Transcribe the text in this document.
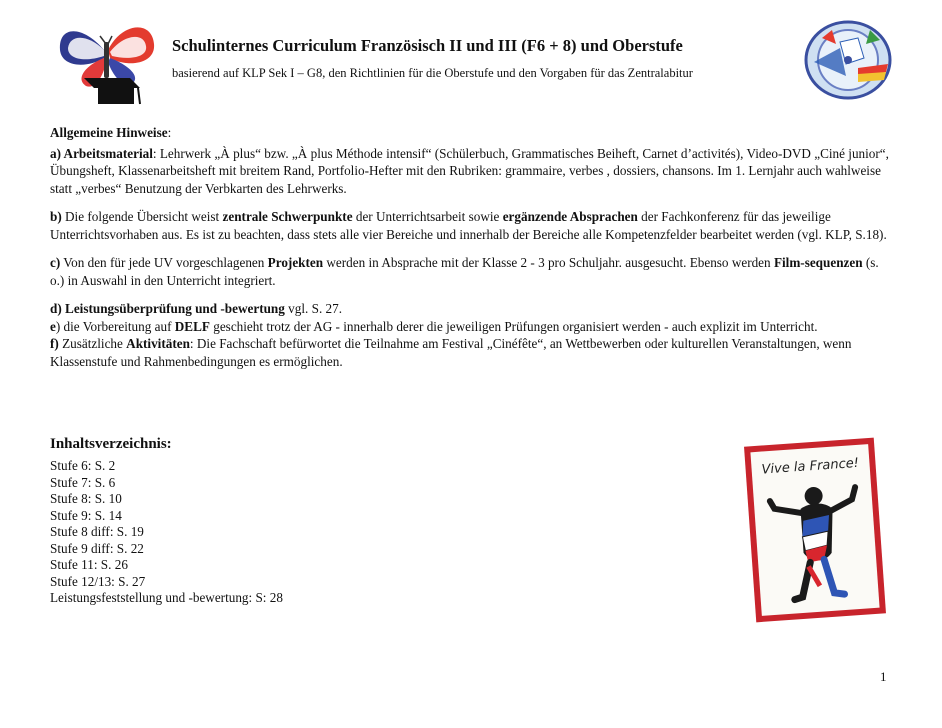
Schulinternes Curriculum Französisch II und III (F6 + 8) und Oberstufe
basierend auf KLP Sek I – G8, den Richtlinien für die Oberstufe und den Vorgaben für das Zentralabitur

Allgemeine Hinweise:

a) Arbeitsmaterial: Lehrwerk „À plus“ bzw. „À plus Méthode intensif“ (Schülerbuch, Grammatisches Beiheft, Carnet d’activités), Video-DVD „Ciné junior“, Übungsheft, Klassenarbeitsheft mit breitem Rand, Portfolio-Hefter mit den Rubriken: grammaire, verbes , dossiers, chansons. Im 1. Lernjahr auch wahlweise statt „verbes“ Benutzung der Verbkarten des Lehrwerks.

b) Die folgende Übersicht weist zentrale Schwerpunkte der Unterrichtsarbeit sowie ergänzende Absprachen der Fachkonferenz für das jeweilige Unterrichtsvorhaben aus. Es ist zu beachten, dass stets alle vier Bereiche und innerhalb der Bereiche alle Kompetenzfelder bearbeitet werden (vgl. KLP, S.18).

c) Von den für jede UV vorgeschlagenen Projekten werden in Absprache mit der Klasse 2 - 3 pro Schuljahr. ausgesucht. Ebenso werden Film-sequenzen (s. o.) in Auswahl in den Unterricht integriert.

d) Leistungsüberprüfung und -bewertung vgl. S. 27.

e) die Vorbereitung auf DELF geschieht trotz der AG - innerhalb derer die jeweiligen Prüfungen organisiert werden - auch explizit im Unterricht.

f) Zusätzliche Aktivitäten: Die Fachschaft befürwortet die Teilnahme am Festival „Cinéfête“, an Wettbewerben oder kulturellen Veranstaltungen, wenn Klassenstufe und Rahmenbedingungen es ermöglichen.

Inhaltsverzeichnis:
Stufe 6: S. 2
Stufe 7: S. 6
Stufe 8: S. 10
Stufe 9: S. 14
Stufe 8 diff: S. 19
Stufe 9 diff: S. 22
Stufe 11: S. 26
Stufe 12/13: S. 27
Leistungsfeststellung und -bewertung: S: 28
Vive la France!
1
